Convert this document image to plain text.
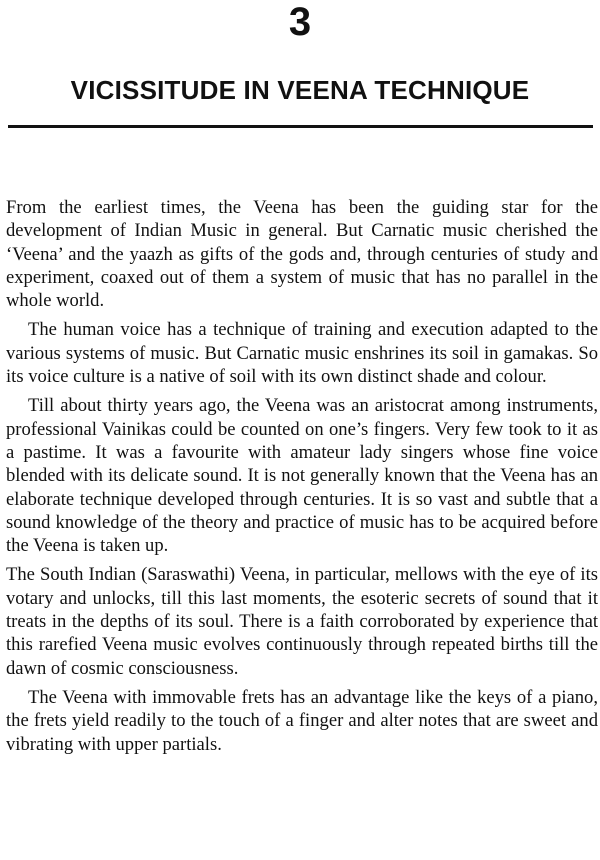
3
VICISSITUDE IN VEENA TECHNIQUE

From the earliest times, the Veena has been the guiding star for the development of Indian Music in general. But Carnatic music cherished the ‘Veena’ and the yaazh as gifts of the gods and, through centuries of study and experiment, coaxed out of them a system of music that has no parallel in the whole world.

The human voice has a technique of training and execution adapted to the various systems of music. But Carnatic music enshrines its soil in gamakas. So its voice culture is a native of soil with its own distinct shade and colour.

Till about thirty years ago, the Veena was an aristocrat among instruments, professional Vainikas could be counted on one’s fingers. Very few took to it as a pastime. It was a favourite with amateur lady singers whose fine voice blended with its delicate sound. It is not generally known that the Veena has an elaborate technique developed through centuries. It is so vast and subtle that a sound knowledge of the theory and practice of music has to be acquired before the Veena is taken up.

The South Indian (Saraswathi) Veena, in particular, mellows with the eye of its votary and unlocks, till this last moments, the esoteric secrets of sound that it treats in the depths of its soul. There is a faith corroborated by experience that this rarefied Veena music evolves continuously through repeated births till the dawn of cosmic consciousness.

The Veena with immovable frets has an advantage like the keys of a piano, the frets yield readily to the touch of a finger and alter notes that are sweet and vibrating with upper partials.
